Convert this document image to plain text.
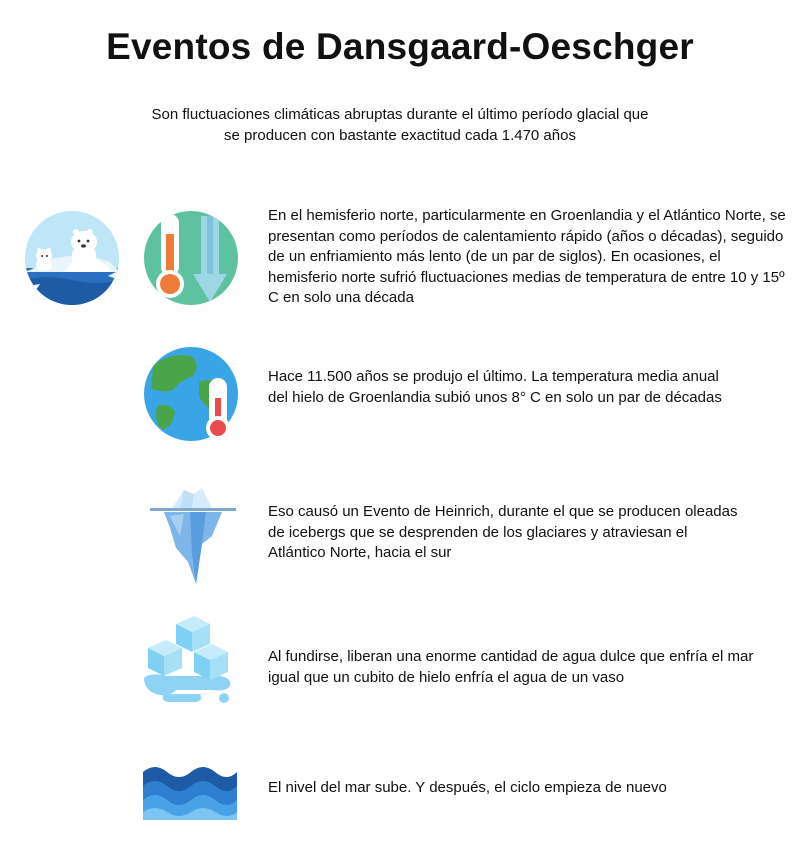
Eventos de Dansgaard-Oeschger

Son fluctuaciones climáticas abruptas durante el último período glacial que se producen con bastante exactitud cada 1.470 años

En el hemisferio norte, particularmente en Groenlandia y el Atlántico Norte, se presentan como períodos de calentamiento rápido (años o décadas), seguido de un enfriamiento más lento (de un par de siglos). En ocasiones, el hemisferio norte sufrió fluctuaciones medias de temperatura de entre 10 y 15º C en solo una década

Hace 11.500 años se produjo el último. La temperatura media anual del hielo de Groenlandia subió unos 8° C en solo un par de décadas

Eso causó un Evento de Heinrich, durante el que se producen oleadas de icebergs que se desprenden de los glaciares y atraviesan el Atlántico Norte, hacia el sur

Al fundirse, liberan una enorme cantidad de agua dulce que enfría el mar igual que un cubito de hielo enfría el agua de un vaso

El nivel del mar sube. Y después, el ciclo empieza de nuevo
